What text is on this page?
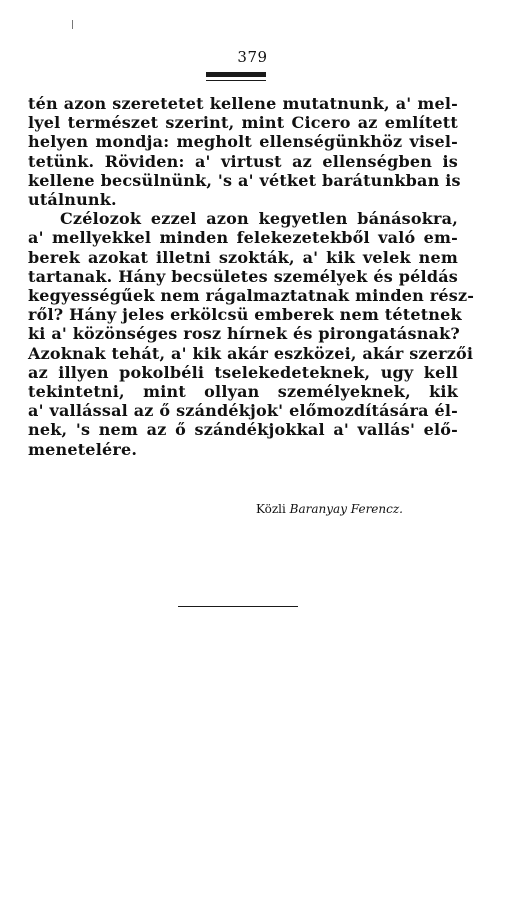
379
tén azon szeretetet kellene mutatnunk, a' mel-
lyel természet szerint, mint Cicero az említett
helyen mondja: megholt ellenségünkhöz visel-
tetünk. Röviden: a' virtust az ellenségben is
kellene becsülnünk, 's a' vétket barátunkban is
utálnunk.
Czélozok ezzel azon kegyetlen bánásokra,
a' mellyekkel minden felekezetekből való em-
berek azokat illetni szokták, a' kik velek nem
tartanak. Hány becsületes személyek és példás
kegyességűek nem rágalmaztatnak minden rész-
ről? Hány jeles erkölcsü emberek nem tétetnek
ki a' közönséges rosz hírnek és pirongatásnak?
Azoknak tehát, a' kik akár eszközei, akár szerzői
az illyen pokolbéli tselekedeteknek, ugy kell
tekintetni, mint ollyan személyeknek, kik
a' vallással az ő szándékjok' előmozdítására él-
nek, 's nem az ő szándékjokkal a' vallás' elő-
menetelére.
Közli Baranyay Ferencz.
